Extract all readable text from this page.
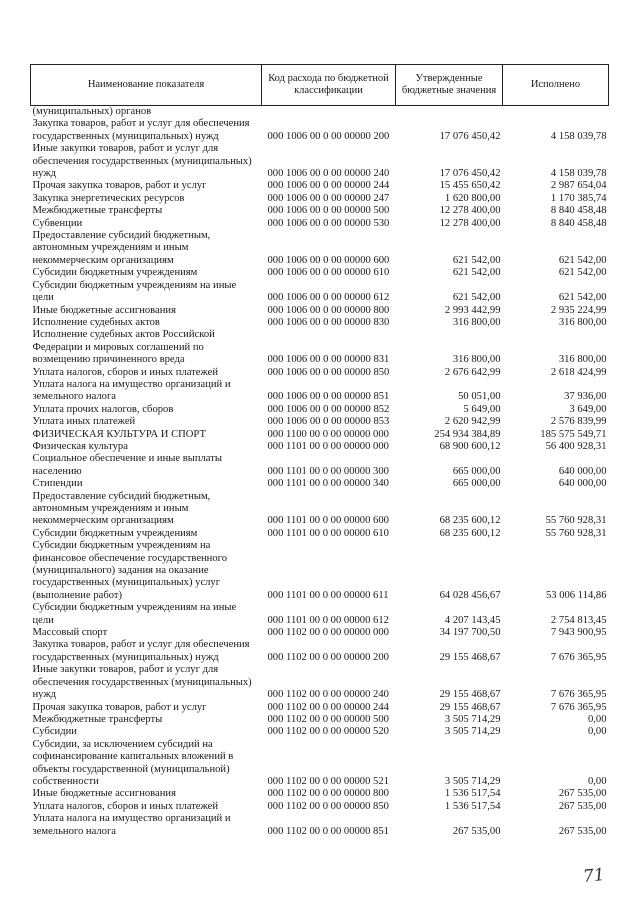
Наименование показателя	Код расхода по бюджетной классификации	Утвержденные бюджетные значения	Исполнено
(муниципальных) органов			
Закупка товаров, работ и услуг для обеспечения государственных (муниципальных) нужд	000 1006 00 0 00 00000 200	17 076 450,42	4 158 039,78
Иные закупки товаров, работ и услуг для обеспечения государственных (муниципальных) нужд	000 1006 00 0 00 00000 240	17 076 450,42	4 158 039,78
Прочая закупка товаров, работ и услуг	000 1006 00 0 00 00000 244	15 455 650,42	2 987 654,04
Закупка энергетических ресурсов	000 1006 00 0 00 00000 247	1 620 800,00	1 170 385,74
Межбюджетные трансферты	000 1006 00 0 00 00000 500	12 278 400,00	8 840 458,48
Субвенции	000 1006 00 0 00 00000 530	12 278 400,00	8 840 458,48
Предоставление субсидий бюджетным, автономным учреждениям и иным некоммерческим организациям	000 1006 00 0 00 00000 600	621 542,00	621 542,00
Субсидии бюджетным учреждениям	000 1006 00 0 00 00000 610	621 542,00	621 542,00
Субсидии бюджетным учреждениям на иные цели	000 1006 00 0 00 00000 612	621 542,00	621 542,00
Иные бюджетные ассигнования	000 1006 00 0 00 00000 800	2 993 442,99	2 935 224,99
Исполнение судебных актов	000 1006 00 0 00 00000 830	316 800,00	316 800,00
Исполнение судебных актов Российской Федерации и мировых соглашений по возмещению причиненного вреда	000 1006 00 0 00 00000 831	316 800,00	316 800,00
Уплата налогов, сборов и иных платежей	000 1006 00 0 00 00000 850	2 676 642,99	2 618 424,99
Уплата налога на имущество организаций и земельного налога	000 1006 00 0 00 00000 851	50 051,00	37 936,00
Уплата прочих налогов, сборов	000 1006 00 0 00 00000 852	5 649,00	3 649,00
Уплата иных платежей	000 1006 00 0 00 00000 853	2 620 942,99	2 576 839,99
ФИЗИЧЕСКАЯ КУЛЬТУРА И СПОРТ	000 1100 00 0 00 00000 000	254 934 384,89	185 575 549,71
Физическая культура	000 1101 00 0 00 00000 000	68 900 600,12	56 400 928,31
Социальное обеспечение и иные выплаты населению	000 1101 00 0 00 00000 300	665 000,00	640 000,00
Стипендии	000 1101 00 0 00 00000 340	665 000,00	640 000,00
Предоставление субсидий бюджетным, автономным учреждениям и иным некоммерческим организациям	000 1101 00 0 00 00000 600	68 235 600,12	55 760 928,31
Субсидии бюджетным учреждениям	000 1101 00 0 00 00000 610	68 235 600,12	55 760 928,31
Субсидии бюджетным учреждениям на финансовое обеспечение государственного (муниципального) задания на оказание государственных (муниципальных) услуг (выполнение работ)	000 1101 00 0 00 00000 611	64 028 456,67	53 006 114,86
Субсидии бюджетным учреждениям на иные цели	000 1101 00 0 00 00000 612	4 207 143,45	2 754 813,45
Массовый спорт	000 1102 00 0 00 00000 000	34 197 700,50	7 943 900,95
Закупка товаров, работ и услуг для обеспечения государственных (муниципальных) нужд	000 1102 00 0 00 00000 200	29 155 468,67	7 676 365,95
Иные закупки товаров, работ и услуг для обеспечения государственных (муниципальных) нужд	000 1102 00 0 00 00000 240	29 155 468,67	7 676 365,95
Прочая закупка товаров, работ и услуг	000 1102 00 0 00 00000 244	29 155 468,67	7 676 365,95
Межбюджетные трансферты	000 1102 00 0 00 00000 500	3 505 714,29	0,00
Субсидии	000 1102 00 0 00 00000 520	3 505 714,29	0,00
Субсидии, за исключением субсидий на софинансирование капитальных вложений в объекты государственной (муниципальной) собственности	000 1102 00 0 00 00000 521	3 505 714,29	0,00
Иные бюджетные ассигнования	000 1102 00 0 00 00000 800	1 536 517,54	267 535,00
Уплата налогов, сборов и иных платежей	000 1102 00 0 00 00000 850	1 536 517,54	267 535,00
Уплата налога на имущество организаций и земельного налога	000 1102 00 0 00 00000 851	267 535,00	267 535,00
71
